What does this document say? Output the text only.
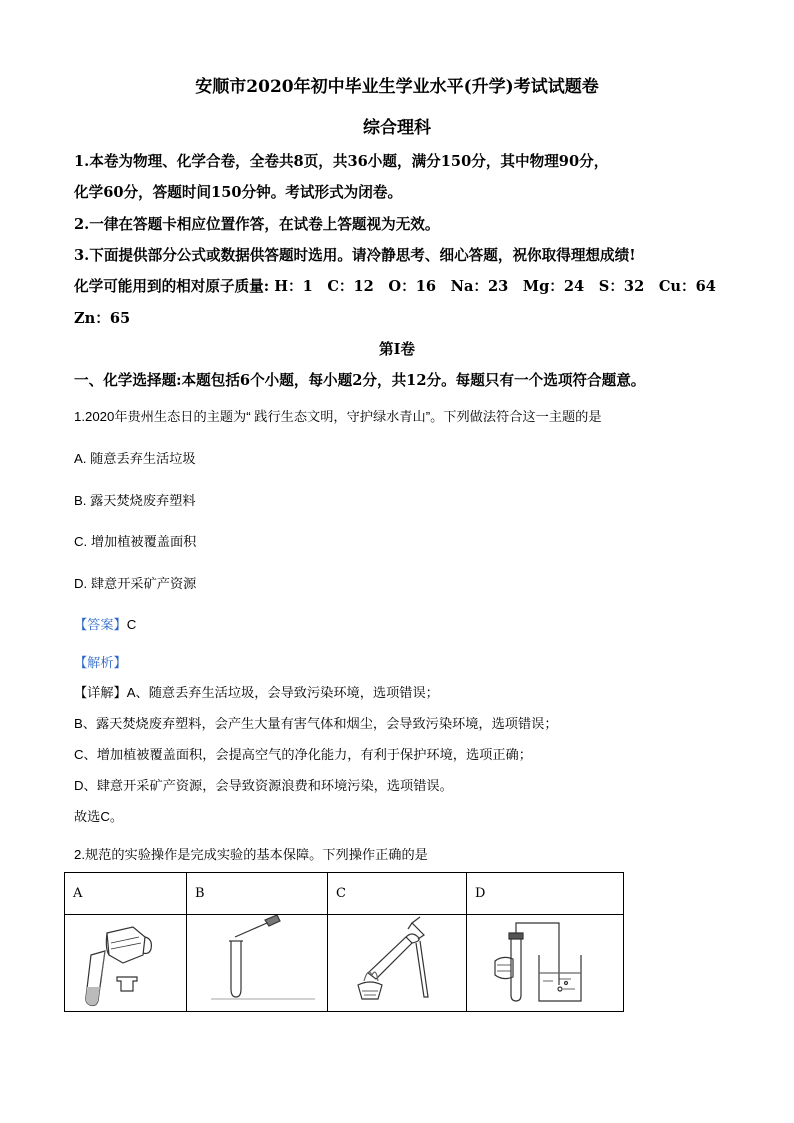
安顺市2020年初中毕业生学业水平(升学)考试试题卷
综合理科
1.本卷为物理、化学合卷，全卷共8页，共36小题，满分150分，其中物理90分，
化学60分，答题时间150分钟。考试形式为闭卷。
2.一律在答题卡相应位置作答，在试卷上答题视为无效。
3.下面提供部分公式或数据供答题时选用。请冷静思考、细心答题，祝你取得理想成绩!
化学可能用到的相对原子质量: H：1　C：12　O：16　Na：23　Mg：24　S：32　Cu：64
Zn：65
第Ⅰ卷
一、化学选择题:本题包括6个小题，每小题2分，共12分。每题只有一个选项符合题意。
1.2020年贵州生态日的主题为“ 践行生态文明，守护绿水青山”。下列做法符合这一主题的是
A. 随意丢弃生活垃圾
B. 露天焚烧废弃塑料
C. 增加植被覆盖面积
D. 肆意开采矿产资源
【答案】C
【解析】
【详解】A、随意丢弃生活垃圾，会导致污染环境，选项错误；
B、露天焚烧废弃塑料，会产生大量有害气体和烟尘，会导致污染环境，选项错误；
C、增加植被覆盖面积，会提高空气的净化能力，有利于保护环境，选项正确；
D、肆意开采矿产资源，会导致资源浪费和环境污染，选项错误。
故选C。
2.规范的实验操作是完成实验的基本保障。下列操作正确的是
A	B	C	D
